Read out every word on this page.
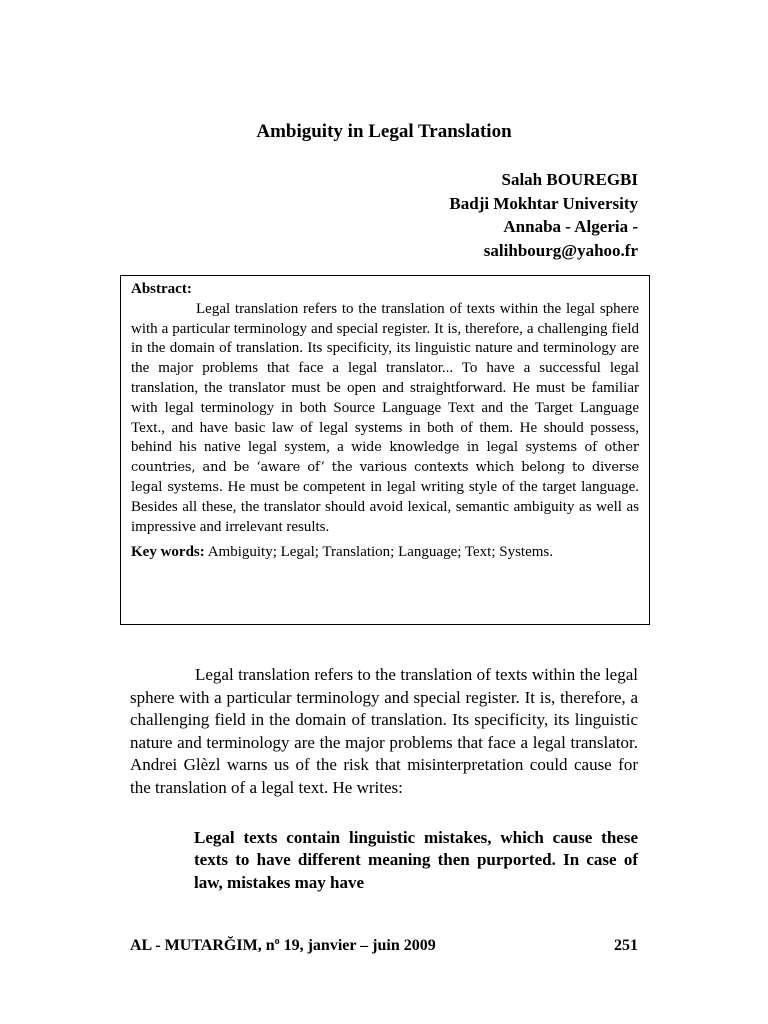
Ambiguity in Legal Translation
Salah BOUREGBI
Badji Mokhtar University
Annaba - Algeria -
salihbourg@yahoo.fr

Abstract:

Legal translation refers to the translation of texts within the legal sphere with a particular terminology and special register. It is, therefore, a challenging field in the domain of translation. Its specificity, its linguistic nature and terminology are the major problems that face a legal translator... To have a successful legal translation, the translator must be open and straightforward. He must be familiar with legal terminology in both Source Language Text and the Target Language Text., and have basic law of legal systems in both of them. He should possess, behind his native legal system, a wide knowledge in legal systems of other countries, and be ‘aware of’ the various contexts which belong to diverse legal systems. He must be competent in legal writing style of the target language. Besides all these, the translator should avoid lexical, semantic ambiguity as well as impressive and irrelevant results.

Key words: Ambiguity; Legal; Translation; Language; Text; Systems.

Legal translation refers to the translation of texts within the legal sphere with a particular terminology and special register. It is, therefore, a challenging field in the domain of translation. Its specificity, its linguistic nature and terminology are the major problems that face a legal translator. Andrei Glèzl warns us of the risk that misinterpretation could cause for the translation of a legal text. He writes:

Legal texts contain linguistic mistakes, which cause these texts to have different meaning then purported. In case of law, mistakes may have

AL - MUTARĞIM, $n^o$ 19, janvier – juin 2009	251
